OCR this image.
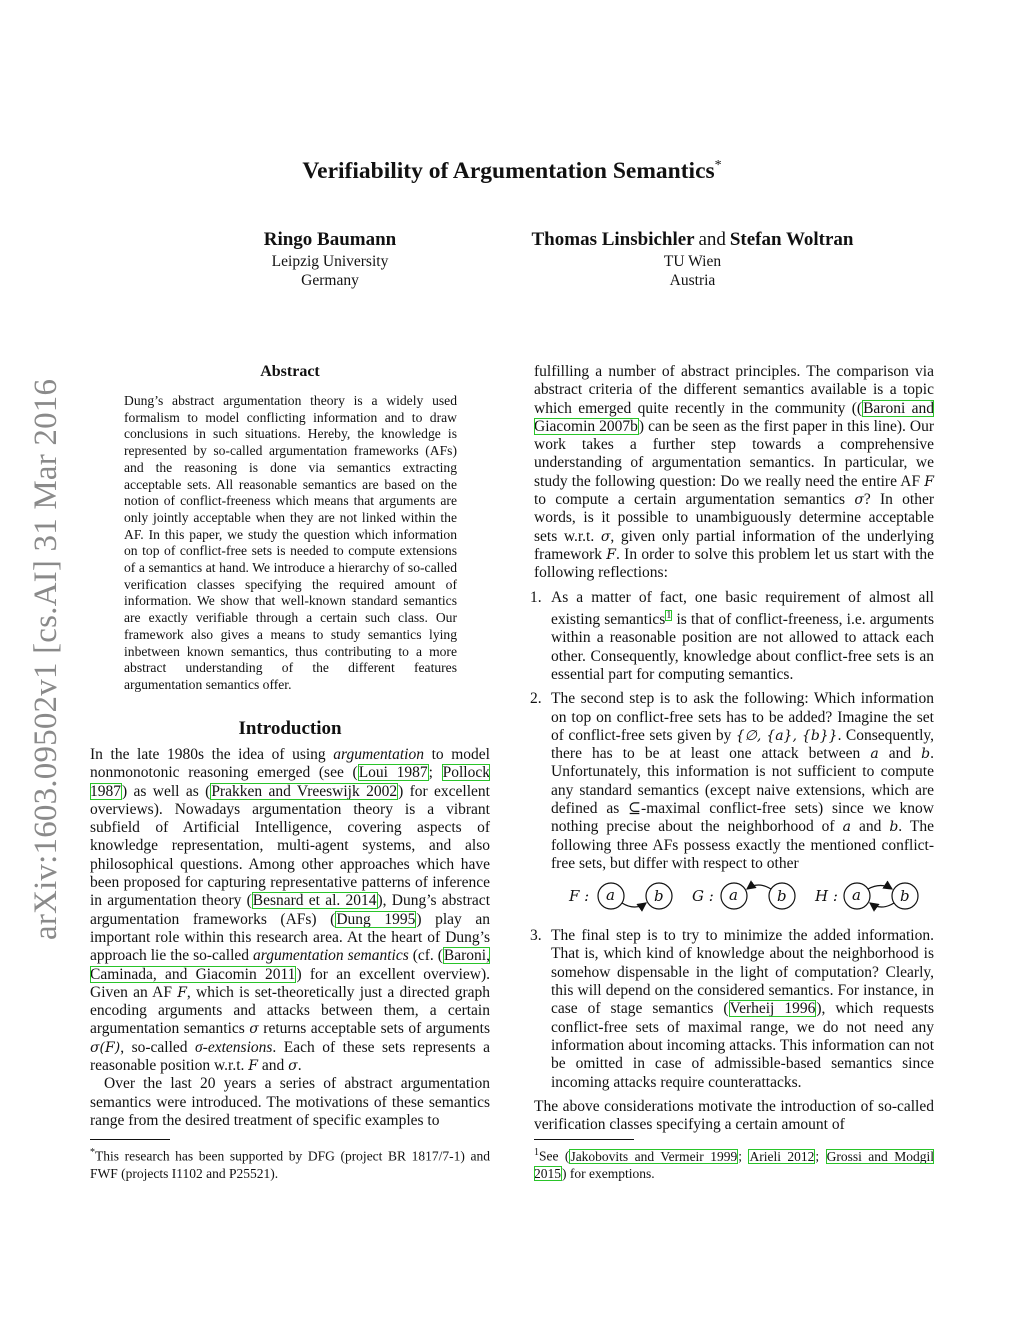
arXiv:1603.09502v1 [cs.AI] 31 Mar 2016
Verifiability of Argumentation Semantics*
Ringo Baumann
Leipzig University
Germany
Thomas Linsbichler and Stefan Woltran
TU Wien
Austria
Abstract
Dung’s abstract argumentation theory is a widely used formalism to model conflicting information and to draw conclusions in such situations. Hereby, the knowledge is represented by so-called argumentation frameworks (AFs) and the reasoning is done via semantics extracting acceptable sets. All reasonable semantics are based on the notion of conflict-freeness which means that arguments are only jointly acceptable when they are not linked within the AF. In this paper, we study the question which information on top of conflict-free sets is needed to compute extensions of a semantics at hand. We introduce a hierarchy of so-called verification classes specifying the required amount of information. We show that well-known standard semantics are exactly verifiable through a certain such class. Our framework also gives a means to study semantics lying inbetween known semantics, thus contributing to a more abstract understanding of the different features argumentation semantics offer.
Introduction

In the late 1980s the idea of using argumentation to model nonmonotonic reasoning emerged (see (Loui 1987; Pollock 1987) as well as (Prakken and Vreeswijk 2002) for excellent overviews). Nowadays argumentation theory is a vibrant subfield of Artificial Intelligence, covering aspects of knowledge representation, multi-agent systems, and also philosophical questions. Among other approaches which have been proposed for capturing representative patterns of inference in argumentation theory (Besnard et al. 2014), Dung’s abstract argumentation frameworks (AFs) (Dung 1995) play an important role within this research area. At the heart of Dung’s approach lie the so-called argumentation semantics (cf. (Baroni, Caminada, and Giacomin 2011) for an excellent overview). Given an AF F, which is set-theoretically just a directed graph encoding arguments and attacks between them, a certain argumentation semantics σ returns acceptable sets of arguments σ(F), so-called σ-extensions. Each of these sets represents a reasonable position w.r.t. F and σ.

Over the last 20 years a series of abstract argumentation semantics were introduced. The motivations of these semantics range from the desired treatment of specific examples to

fulfilling a number of abstract principles. The comparison via abstract criteria of the different semantics available is a topic which emerged quite recently in the community ((Baroni and Giacomin 2007b) can be seen as the first paper in this line). Our work takes a further step towards a comprehensive understanding of argumentation semantics. In particular, we study the following question: Do we really need the entire AF F to compute a certain argumentation semantics σ? In other words, is it possible to unambiguously determine acceptable sets w.r.t. σ, given only partial information of the underlying framework F. In order to solve this problem let us start with the following reflections:

1. As a matter of fact, one basic requirement of almost all existing semantics$^1$ is that of conflict-freeness, i.e. arguments within a reasonable position are not allowed to attack each other. Consequently, knowledge about conflict-free sets is an essential part for computing semantics.
2. The second step is to ask the following: Which information on top on conflict-free sets has to be added? Imagine the set of conflict-free sets given by {∅, {a}, {b}}. Consequently, there has to be at least one attack between a and b. Unfortunately, this information is not sufficient to compute any standard semantics (except naive extensions, which are defined as ⊆-maximal conflict-free sets) since we know nothing precise about the neighborhood of a and b. The following three AFs possess exactly the mentioned conflict-free sets, but differ with respect to other
3. The final step is to try to minimize the added information. That is, which kind of knowledge about the neighborhood is somehow dispensable in the light of computation? Clearly, this will depend on the considered semantics. For instance, in case of stage semantics (Verheij 1996), which requests conflict-free sets of maximal range, we do not need any information about incoming attacks. This information can not be omitted in case of admissible-based semantics since incoming attacks require counterattacks.

The above considerations motivate the introduction of so-called verification classes specifying a certain amount of

F : a	b G : a	b H : a	b
*This research has been supported by DFG (project BR 1817/7-1) and FWF (projects I1102 and P25521).
$^1$See (Jakobovits and Vermeir 1999; Arieli 2012; Grossi and Modgil 2015) for exemptions.
